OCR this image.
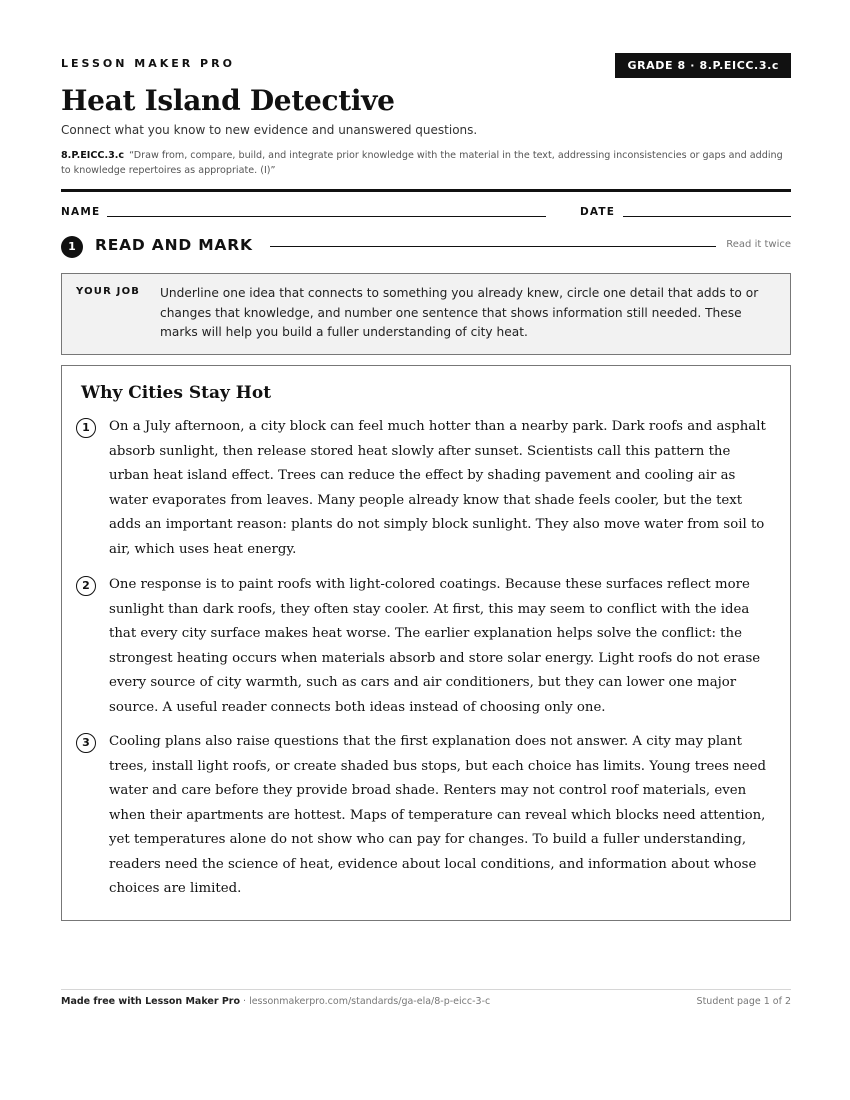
LESSON MAKER PRO	GRADE 8 · 8.P.EICC.3.c
Heat Island Detective
Connect what you know to new evidence and unanswered questions.
8.P.EICC.3.c “Draw from, compare, build, and integrate prior knowledge with the material in the text, addressing inconsistencies or gaps and adding to knowledge repertoires as appropriate. (I)”
NAME	DATE
1	READ AND MARK	Read it twice
YOUR JOB Underline one idea that connects to something you already knew, circle one detail that adds to or changes that knowledge, and number one sentence that shows information still needed. These marks will help you build a fuller understanding of city heat.
Why Cities Stay Hot
1	On a July afternoon, a city block can feel much hotter than a nearby park. Dark roofs and asphalt absorb sunlight, then release stored heat slowly after sunset. Scientists call this pattern the urban heat island effect. Trees can reduce the effect by shading pavement and cooling air as water evaporates from leaves. Many people already know that shade feels cooler, but the text adds an important reason: plants do not simply block sunlight. They also move water from soil to air, which uses heat energy.
2	One response is to paint roofs with light-colored coatings. Because these surfaces reflect more sunlight than dark roofs, they often stay cooler. At first, this may seem to conflict with the idea that every city surface makes heat worse. The earlier explanation helps solve the conflict: the strongest heating occurs when materials absorb and store solar energy. Light roofs do not erase every source of city warmth, such as cars and air conditioners, but they can lower one major source. A useful reader connects both ideas instead of choosing only one.
3	Cooling plans also raise questions that the first explanation does not answer. A city may plant trees, install light roofs, or create shaded bus stops, but each choice has limits. Young trees need water and care before they provide broad shade. Renters may not control roof materials, even when their apartments are hottest. Maps of temperature can reveal which blocks need attention, yet temperatures alone do not show who can pay for changes. To build a fuller understanding, readers need the science of heat, evidence about local conditions, and information about whose choices are limited.
Made free with Lesson Maker Pro · lessonmakerpro.com/standards/ga-ela/8-p-eicc-3-c	Student page 1 of 2
